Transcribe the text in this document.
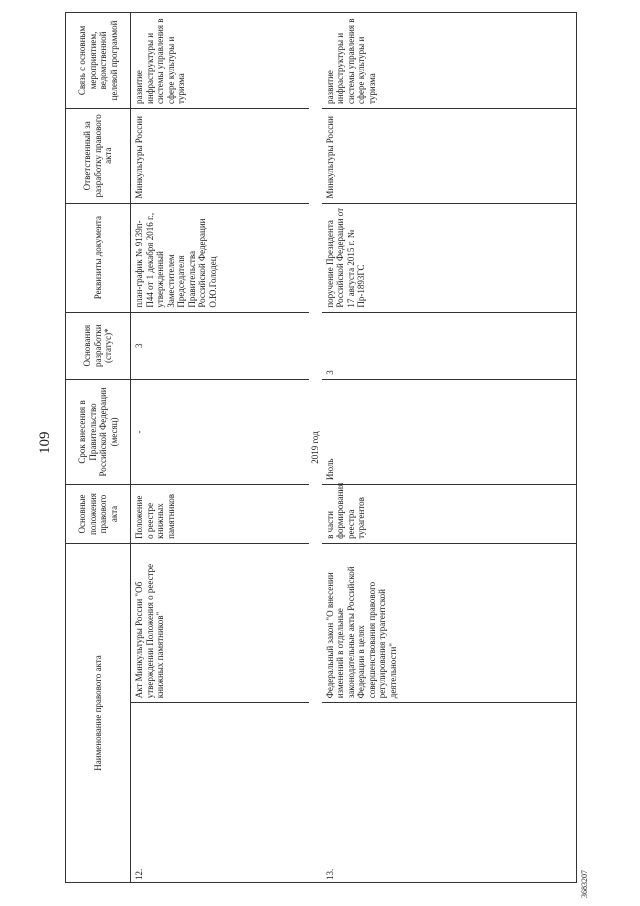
109
Наименование правового акта		Основные положения правового акта	Срок внесения в Правительство Российской Федерации (месяц)	Основания разработки (статус)*	Реквизиты документа	Ответственный за разработку правового акта	Связь с основным мероприятием, ведомственной целевой программой
12.	Акт Минкультуры России "Об утверждении Положения о реестре книжных памятников"	Положение о реестре книжных памятников	-	3	план-график № 9139п-П44 от 1 декабря 2016 г., утвержденный Заместителем Председателя Правительства Российской Федерации О.Ю.Голодец	Минкультуры России	развитие инфраструктуры и системы управления в сфере культуры и туризма
2019 год							
13.	Федеральный закон "О внесении изменений в отдельные законодательные акты Российской Федерации в целях совершенствования правового регулирования турагентской деятельности"	в части формирования реестра турагентов	Июль	3	поручение Президента Российской Федерации от 17 августа 2015 г. № Пр-1893ГС	Минкультуры России	развитие инфраструктуры и системы управления в сфере культуры и туризма
3683207
